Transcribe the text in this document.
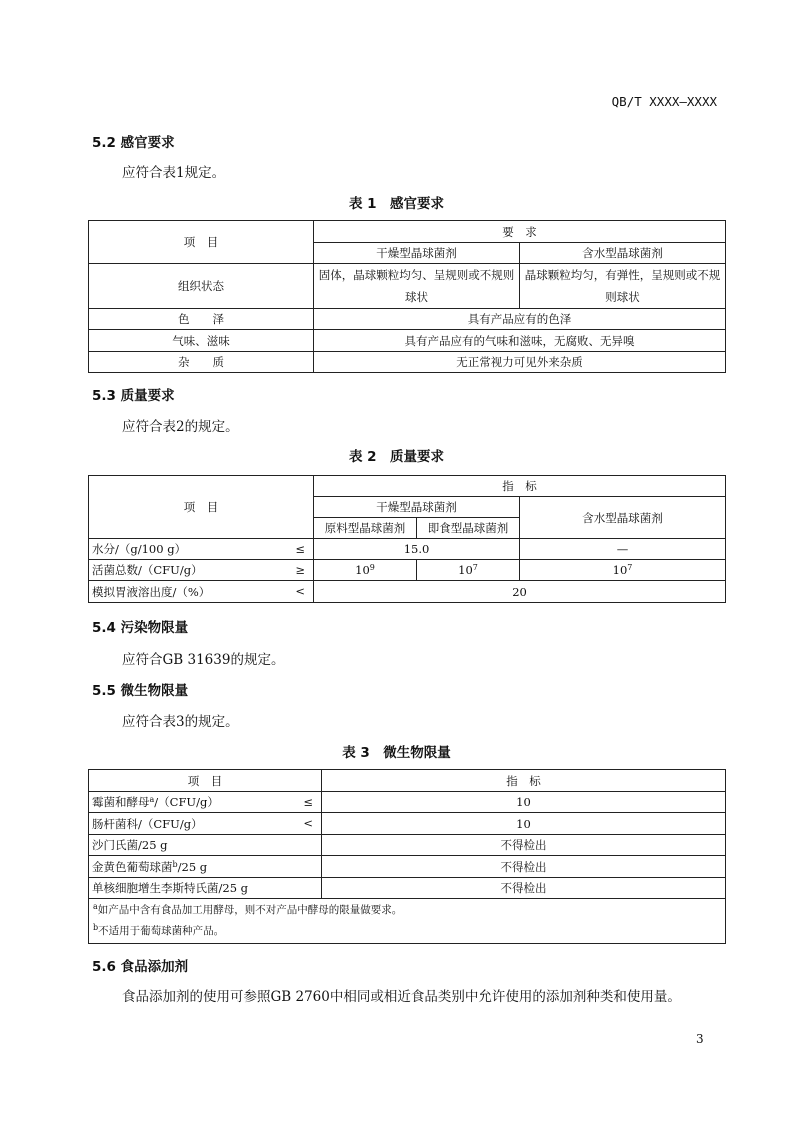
QB/T XXXX—XXXX
5.2 感官要求
应符合表1规定。
表 1　感官要求
项　目	要　求	
	干燥型晶球菌剂	含水型晶球菌剂
组织状态	固体，晶球颗粒均匀、呈规则或不规则球状	晶球颗粒均匀，有弹性，呈规则或不规则球状
色　　泽	具有产品应有的色泽	
气味、滋味	具有产品应有的气味和滋味，无腐败、无异嗅	
杂　　质	无正常视力可见外来杂质	
5.3 质量要求
应符合表2的规定。
表 2　质量要求
项　目	指　标		
	干燥型晶球菌剂		含水型晶球菌剂
	原料型晶球菌剂	即食型晶球菌剂	
水分/（g/100 g） ≤	15.0		—
活菌总数/（CFU/g） ≥	$10^9$	$10^7$	$10^7$
模拟胃液溶出度/（%） <	20		
5.4 污染物限量
应符合GB 31639的规定。
5.5 微生物限量
应符合表3的规定。
表 3　微生物限量
项　目	指　标
霉菌和酵母$^a$/（CFU/g） ≤	10
肠杆菌科/（CFU/g） <	10
沙门氏菌/25 g	不得检出
金黄色葡萄球菌$^b$/25 g	不得检出
单核细胞增生李斯特氏菌/25 g	不得检出

$^a$如产品中含有食品加工用酵母，则不对产品中酵母的限量做要求。
$^b$不适用于葡萄球菌种产品。	
5.6 食品添加剂
食品添加剂的使用可参照GB 2760中相同或相近食品类别中允许使用的添加剂种类和使用量。
3
